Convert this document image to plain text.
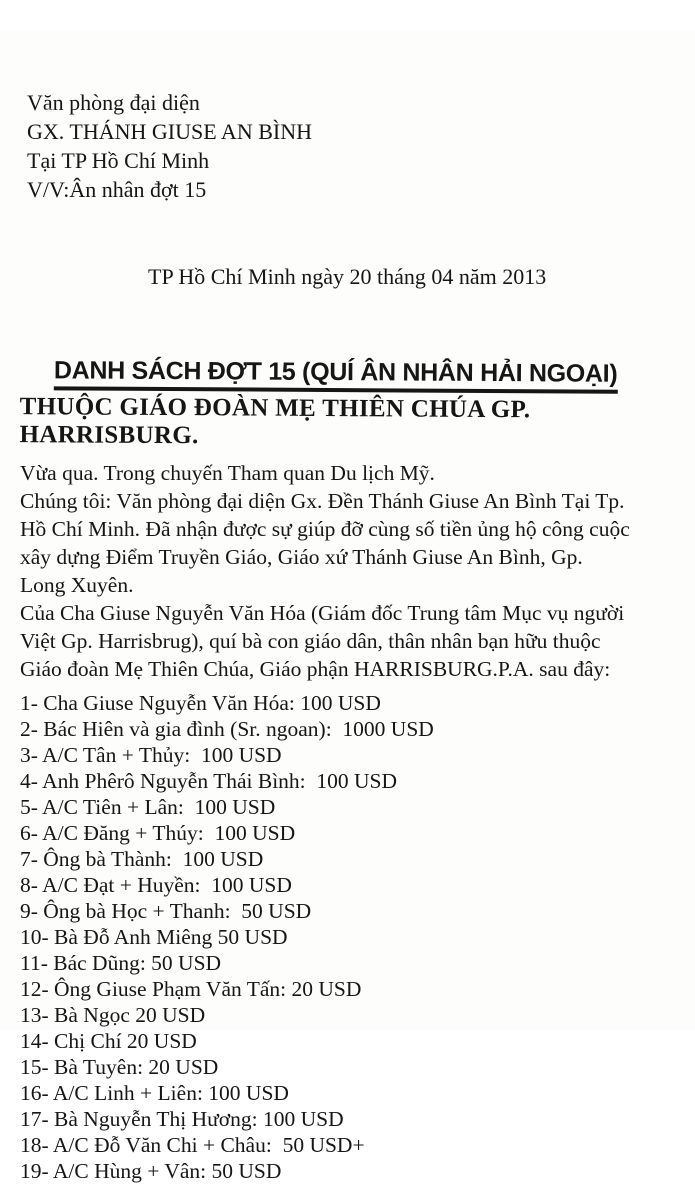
Văn phòng đại diện
GX. THÁNH GIUSE AN BÌNH
Tại TP Hồ Chí Minh
V/V:Ân nhân đợt 15

TP Hồ Chí Minh ngày 20 tháng 04 năm 2013

DANH SÁCH ĐỢT 15 (QUÍ ÂN NHÂN HẢI NGOẠI)
THUỘC GIÁO ĐOÀN MẸ THIÊN CHÚA GP. HARRISBURG.
Vừa qua. Trong chuyến Tham quan Du lịch Mỹ.
Chúng tôi: Văn phòng đại diện Gx. Đền Thánh Giuse An Bình Tại Tp.
Hồ Chí Minh. Đã nhận được sự giúp đỡ cùng số tiền ủng hộ công cuộc
xây dựng Điểm Truyền Giáo, Giáo xứ Thánh Giuse An Bình, Gp.
Long Xuyên.
Của Cha Giuse Nguyễn Văn Hóa (Giám đốc Trung tâm Mục vụ người
Việt Gp. Harrisbrug), quí bà con giáo dân, thân nhân bạn hữu thuộc
Giáo đoàn Mẹ Thiên Chúa, Giáo phận HARRISBURG.P.A. sau đây:
1- Cha Giuse Nguyễn Văn Hóa: 100 USD
2- Bác Hiên và gia đình (Sr. ngoan):  1000 USD
3- A/C Tân + Thủy:  100 USD
4- Anh Phêrô Nguyễn Thái Bình:  100 USD
5- A/C Tiên + Lân:  100 USD
6- A/C Đăng + Thúy:  100 USD
7- Ông bà Thành:  100 USD
8- A/C Đạt + Huyền:  100 USD
9- Ông bà Học + Thanh:  50 USD
10- Bà Đỗ Anh Miêng 50 USD
11- Bác Dũng: 50 USD
12- Ông Giuse Phạm Văn Tấn: 20 USD
13- Bà Ngọc 20 USD
14- Chị Chí 20 USD
15- Bà Tuyên: 20 USD
16- A/C Linh + Liên: 100 USD
17- Bà Nguyễn Thị Hương: 100 USD
18- A/C Đỗ Văn Chi + Châu:  50 USD+
19- A/C Hùng + Vân: 50 USD
